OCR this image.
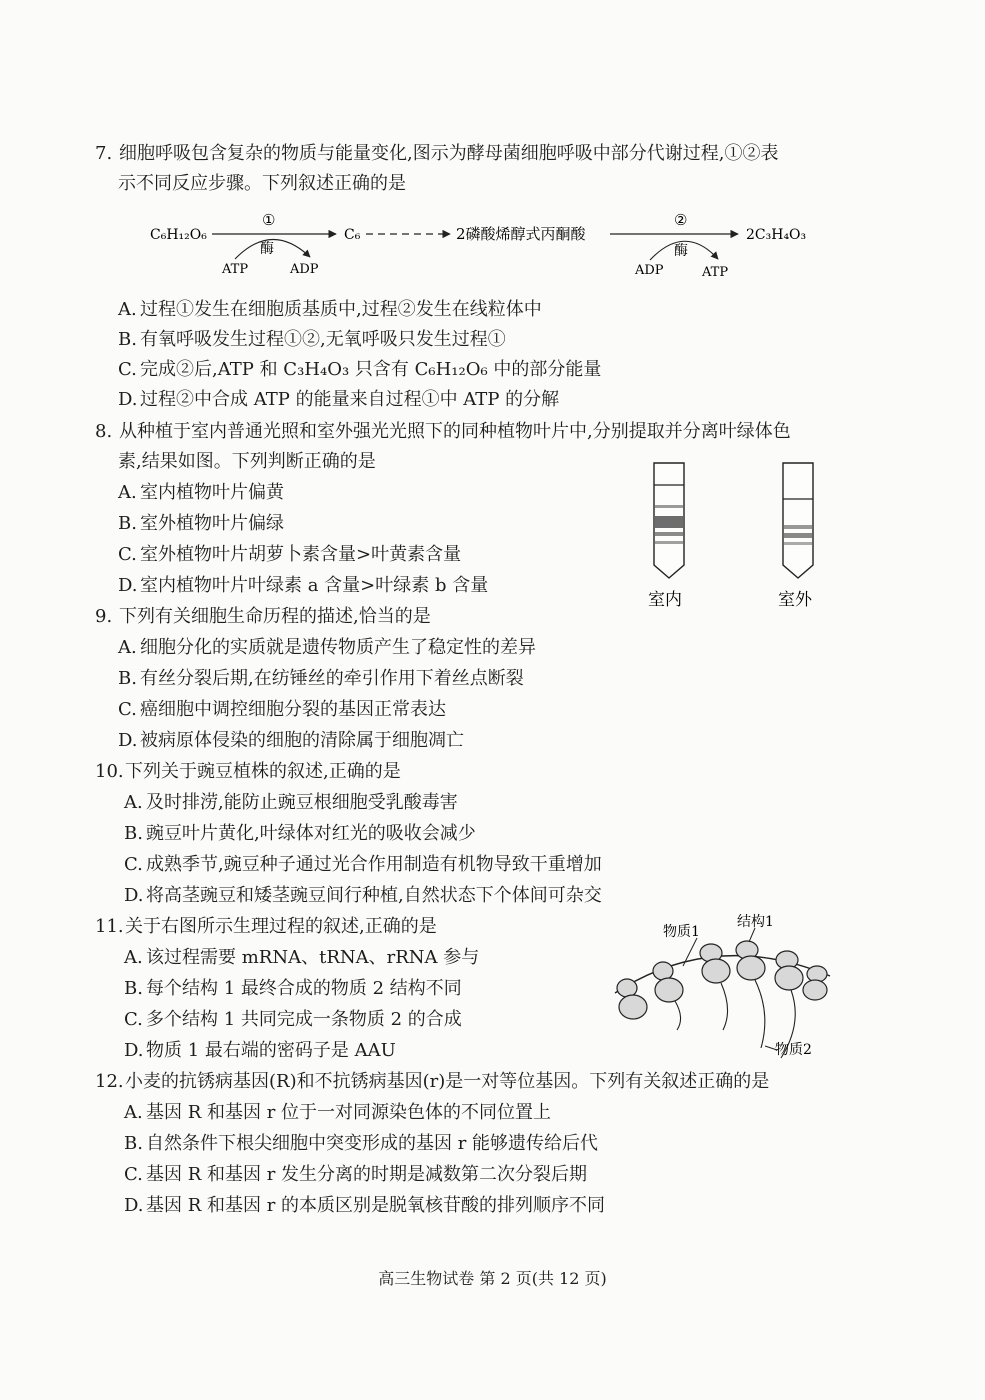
7. 细胞呼吸包含复杂的物质与能量变化,图示为酵母菌细胞呼吸中部分代谢过程,①②表
示不同反应步骤。下列叙述正确的是
C₆H₁₂O₆
①
酶
ATP	ADP
C₆	2磷酸烯醇式丙酮酸
②
酶
ADP	ATP
2C₃H₄O₃
A. 过程①发生在细胞质基质中,过程②发生在线粒体中
B. 有氧呼吸发生过程①②,无氧呼吸只发生过程①
C. 完成②后,ATP 和 C₃H₄O₃ 只含有 C₆H₁₂O₆ 中的部分能量
D. 过程②中合成 ATP 的能量来自过程①中 ATP 的分解
8. 从种植于室内普通光照和室外强光光照下的同种植物叶片中,分别提取并分离叶绿体色
素,结果如图。下列判断正确的是
A. 室内植物叶片偏黄
B. 室外植物叶片偏绿
C. 室外植物叶片胡萝卜素含量>叶黄素含量
D. 室内植物叶片叶绿素 a 含量>叶绿素 b 含量
室内	室外
9. 下列有关细胞生命历程的描述,恰当的是
A. 细胞分化的实质就是遗传物质产生了稳定性的差异
B. 有丝分裂后期,在纺锤丝的牵引作用下着丝点断裂
C. 癌细胞中调控细胞分裂的基因正常表达
D. 被病原体侵染的细胞的清除属于细胞凋亡
10.下列关于豌豆植株的叙述,正确的是
A. 及时排涝,能防止豌豆根细胞受乳酸毒害
B. 豌豆叶片黄化,叶绿体对红光的吸收会减少
C. 成熟季节,豌豆种子通过光合作用制造有机物导致干重增加
D. 将高茎豌豆和矮茎豌豆间行种植,自然状态下个体间可杂交
11.关于右图所示生理过程的叙述,正确的是
A. 该过程需要 mRNA、tRNA、rRNA 参与
B. 每个结构 1 最终合成的物质 2 结构不同
C. 多个结构 1 共同完成一条物质 2 的合成
D. 物质 1 最右端的密码子是 AAU
物质1
结构1
物质2
12.小麦的抗锈病基因(R)和不抗锈病基因(r)是一对等位基因。下列有关叙述正确的是
A. 基因 R 和基因 r 位于一对同源染色体的不同位置上
B. 自然条件下根尖细胞中突变形成的基因 r 能够遗传给后代
C. 基因 R 和基因 r 发生分离的时期是减数第二次分裂后期
D. 基因 R 和基因 r 的本质区别是脱氧核苷酸的排列顺序不同
高三生物试卷 第 2 页(共 12 页)
